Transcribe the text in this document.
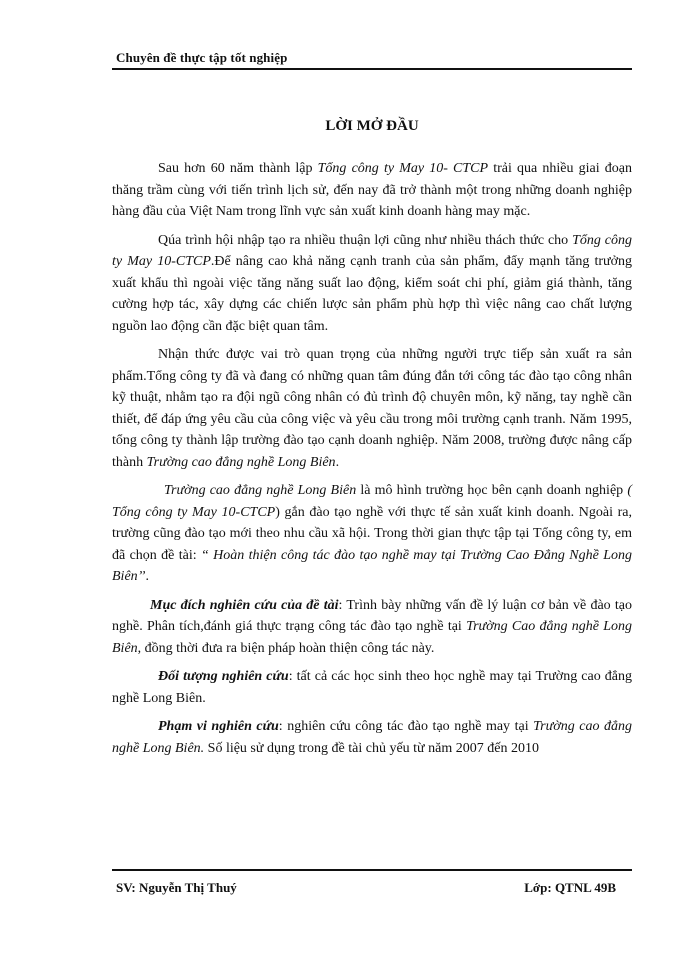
Chuyên đề thực tập tốt nghiệp
LỜI MỞ ĐẦU

Sau hơn 60 năm thành lập Tổng công ty May 10- CTCP trải qua nhiều giai đoạn thăng trầm cùng với tiến trình lịch sử, đến nay đã trở thành một trong những doanh nghiệp hàng đầu của Việt Nam trong lĩnh vực sản xuất kinh doanh hàng may mặc.

Qúa trình hội nhập tạo ra nhiều thuận lợi cũng như nhiều thách thức cho Tổng công ty May 10-CTCP.Để nâng cao khả năng cạnh tranh của sản phẩm, đẩy mạnh tăng trưởng xuất khẩu thì ngoài việc tăng năng suất lao động, kiểm soát chi phí, giảm giá thành, tăng cường hợp tác, xây dựng các chiến lược sản phẩm phù hợp thì việc nâng cao chất lượng nguồn lao động cần đặc biệt quan tâm.

Nhận thức được vai trò quan trọng của những người trực tiếp sản xuất ra sản phẩm.Tổng công ty đã và đang có những quan tâm đúng đắn tới công tác đào tạo công nhân kỹ thuật, nhằm tạo ra đội ngũ công nhân có đủ trình độ chuyên môn, kỹ năng, tay nghề cần thiết, để đáp ứng yêu cầu của công việc và yêu cầu trong môi trường cạnh tranh. Năm 1995, tổng công ty thành lập trường đào tạo cạnh doanh nghiệp. Năm 2008, trường được nâng cấp thành Trường cao đẳng nghề Long Biên.

Trường cao đẳng nghề Long Biên là mô hình trường học bên cạnh doanh nghiệp ( Tổng công ty May 10-CTCP) gắn đào tạo nghề với thực tế sản xuất kinh doanh. Ngoài ra, trường cũng đào tạo mới theo nhu cầu xã hội. Trong thời gian thực tập tại Tổng công ty, em đã chọn đề tài: “ Hoàn thiện công tác đào tạo nghề may tại Trường Cao Đẳng Nghề Long Biên’’.

Mục đích nghiên cứu của đề tài: Trình bày những vấn đề lý luận cơ bản về đào tạo nghề. Phân tích,đánh giá thực trạng công tác đào tạo nghề tại Trường Cao đẳng nghề Long Biên, đồng thời đưa ra biện pháp hoàn thiện công tác này.

Đối tượng nghiên cứu: tất cả các học sinh theo học nghề may tại Trường cao đẳng nghề Long Biên.

Phạm vi nghiên cứu: nghiên cứu công tác đào tạo nghề may tại Trường cao đẳng nghề Long Biên. Số liệu sử dụng trong đề tài chủ yếu từ năm 2007 đến 2010

SV: Nguyễn Thị Thuý	Lớp: QTNL 49B
